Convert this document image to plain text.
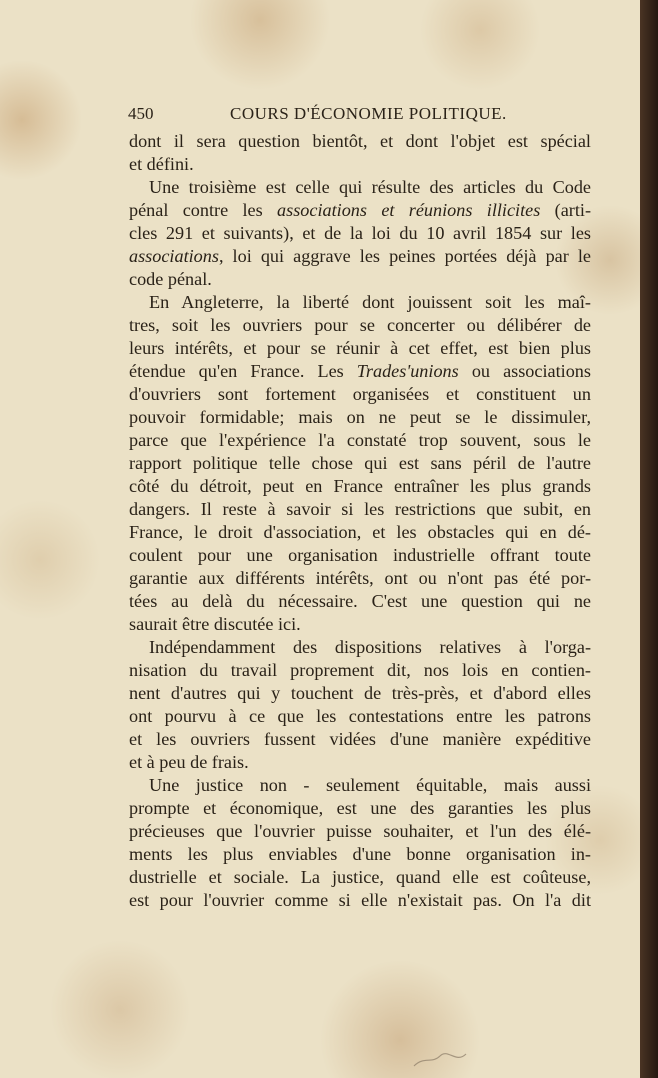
450	COURS D'ÉCONOMIE POLITIQUE.
dont il sera question bientôt, et dont l'objet est spécial
et défini.
Une troisième est celle qui résulte des articles du Code
pénal contre les associations et réunions illicites (arti-
cles 291 et suivants), et de la loi du 10 avril 1854 sur les
associations, loi qui aggrave les peines portées déjà par le
code pénal.
En Angleterre, la liberté dont jouissent soit les maî-
tres, soit les ouvriers pour se concerter ou délibérer de
leurs intérêts, et pour se réunir à cet effet, est bien plus
étendue qu'en France. Les Trades'unions ou associations
d'ouvriers sont fortement organisées et constituent un
pouvoir formidable; mais on ne peut se le dissimuler,
parce que l'expérience l'a constaté trop souvent, sous le
rapport politique telle chose qui est sans péril de l'autre
côté du détroit, peut en France entraîner les plus grands
dangers. Il reste à savoir si les restrictions que subit, en
France, le droit d'association, et les obstacles qui en dé-
coulent pour une organisation industrielle offrant toute
garantie aux différents intérêts, ont ou n'ont pas été por-
tées au delà du nécessaire. C'est une question qui ne
saurait être discutée ici.
Indépendamment des dispositions relatives à l'orga-
nisation du travail proprement dit, nos lois en contien-
nent d'autres qui y touchent de très-près, et d'abord elles
ont pourvu à ce que les contestations entre les patrons
et les ouvriers fussent vidées d'une manière expéditive
et à peu de frais.
Une justice non - seulement équitable, mais aussi
prompte et économique, est une des garanties les plus
précieuses que l'ouvrier puisse souhaiter, et l'un des élé-
ments les plus enviables d'une bonne organisation in-
dustrielle et sociale. La justice, quand elle est coûteuse,
est pour l'ouvrier comme si elle n'existait pas. On l'a dit
